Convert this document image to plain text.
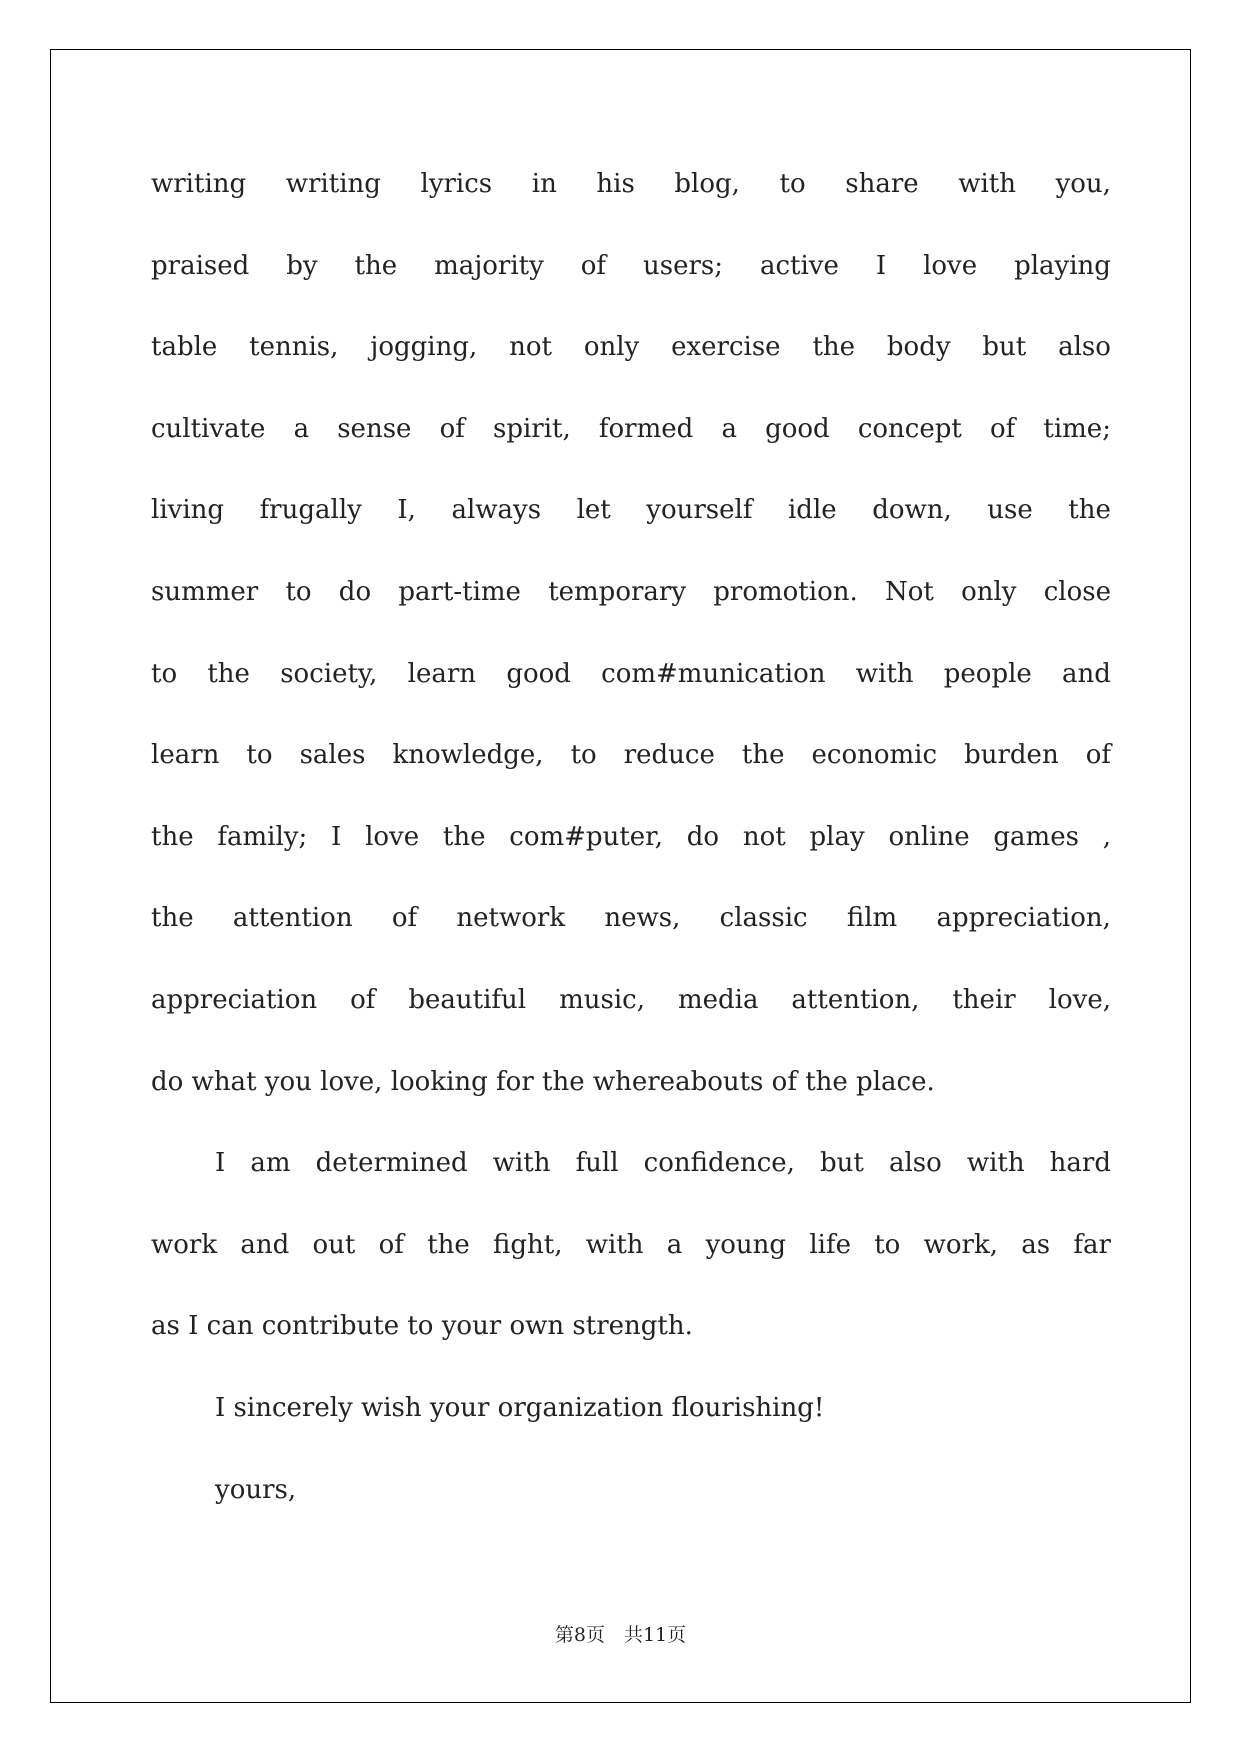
writing writing lyrics in his blog, to share with you,
praised by the majority of users; active I love playing
table tennis, jogging, not only exercise the body but also
cultivate a sense of spirit, formed a good concept of time;
living frugally I, always let yourself idle down, use the
summer to do part-time temporary promotion. Not only close
to the society, learn good com#munication with people and
learn to sales knowledge, to reduce the economic burden of
the family; I love the com#puter, do not play online games ,
the attention of network news, classic film appreciation,
appreciation of beautiful music, media attention, their love,
do what you love, looking for the whereabouts of the place.
I am determined with full confidence, but also with hard
work and out of the fight, with a young life to work, as far
as I can contribute to your own strength.
I sincerely wish your organization flourishing!
yours,
第8页　共11页
